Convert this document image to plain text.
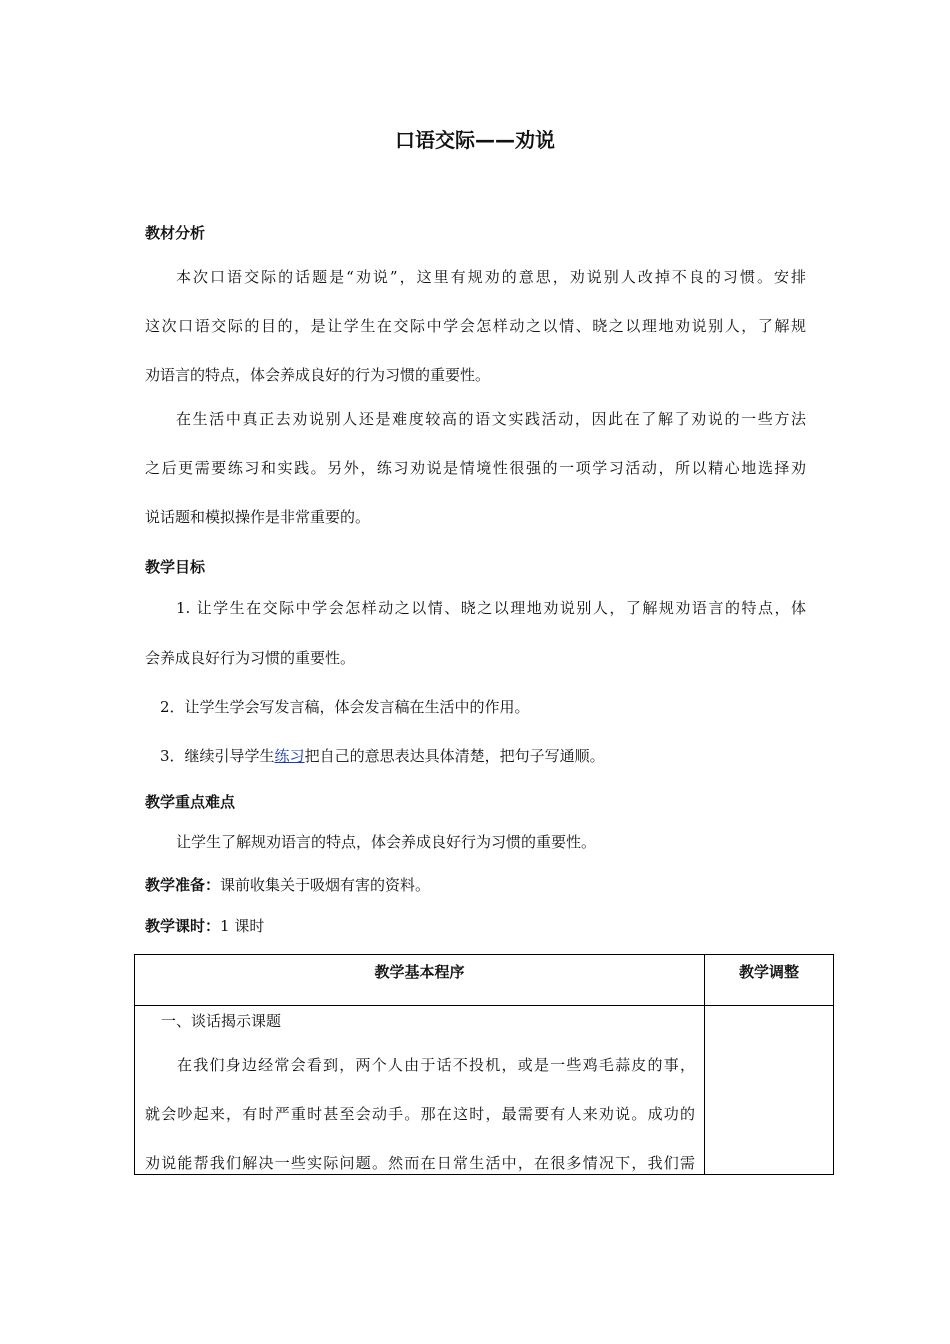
口语交际——劝说
教材分析
本次口语交际的话题是“劝说”，这里有规劝的意思，劝说别人改掉不良的习惯。安排
这次口语交际的目的，是让学生在交际中学会怎样动之以情、晓之以理地劝说别人，了解规
劝语言的特点，体会养成良好的行为习惯的重要性。
在生活中真正去劝说别人还是难度较高的语文实践活动，因此在了解了劝说的一些方法
之后更需要练习和实践。另外，练习劝说是情境性很强的一项学习活动，所以精心地选择劝
说话题和模拟操作是非常重要的。
教学目标
1. 让学生在交际中学会怎样动之以情、晓之以理地劝说别人，了解规劝语言的特点，体
会养成良好行为习惯的重要性。
2．让学生学会写发言稿，体会发言稿在生活中的作用。
3．继续引导学生练习把自己的意思表达具体清楚，把句子写通顺。
教学重点难点
让学生了解规劝语言的特点，体会养成良好行为习惯的重要性。
教学准备：课前收集关于吸烟有害的资料。
教学课时：1 课时
教学基本程序	教学调整

一、谈话揭示课题
在我们身边经常会看到，两个人由于话不投机，或是一些鸡毛蒜皮的事，
就会吵起来，有时严重时甚至会动手。那在这时，最需要有人来劝说。成功的
劝说能帮我们解决一些实际问题。然而在日常生活中，在很多情况下，我们需	
